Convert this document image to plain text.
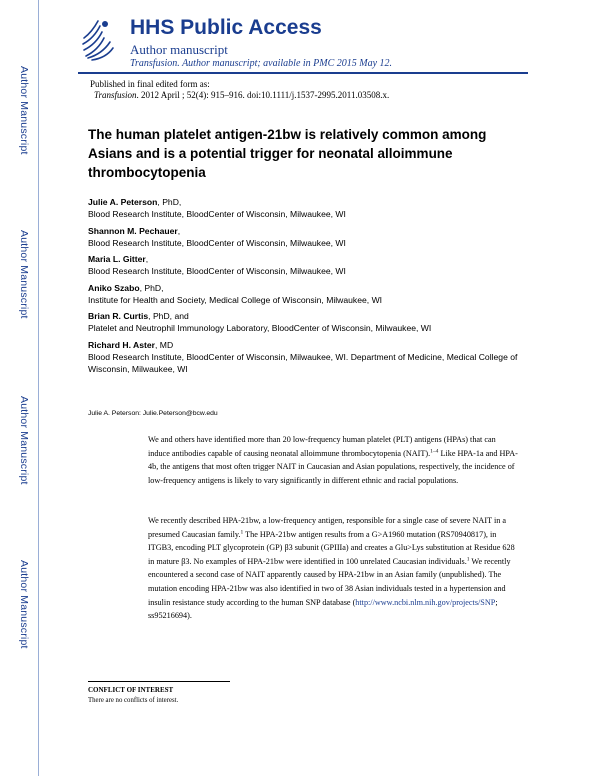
Author Manuscript
Author Manuscript
Author Manuscript
Author Manuscript
HHS Public Access
Author manuscript
Transfusion. Author manuscript; available in PMC 2015 May 12.
Published in final edited form as:
Transfusion. 2012 April ; 52(4): 915–916. doi:10.1111/j.1537-2995.2011.03508.x.
The human platelet antigen-21bw is relatively common among Asians and is a potential trigger for neonatal alloimmune thrombocytopenia
Julie A. Peterson, PhD,
Blood Research Institute, BloodCenter of Wisconsin, Milwaukee, WI
Shannon M. Pechauer,
Blood Research Institute, BloodCenter of Wisconsin, Milwaukee, WI
Maria L. Gitter,
Blood Research Institute, BloodCenter of Wisconsin, Milwaukee, WI
Aniko Szabo, PhD,
Institute for Health and Society, Medical College of Wisconsin, Milwaukee, WI
Brian R. Curtis, PhD, and
Platelet and Neutrophil Immunology Laboratory, BloodCenter of Wisconsin, Milwaukee, WI
Richard H. Aster, MD
Blood Research Institute, BloodCenter of Wisconsin, Milwaukee, WI. Department of Medicine, Medical College of Wisconsin, Milwaukee, WI
Julie A. Peterson: Julie.Peterson@bcw.edu
We and others have identified more than 20 low-frequency human platelet (PLT) antigens (HPAs) that can induce antibodies capable of causing neonatal alloimmune thrombocytopenia (NAIT).$^{1-4}$ Like HPA-1a and HPA-4b, the antigens that most often trigger NAIT in Caucasian and Asian populations, respectively, the incidence of low-frequency antigens is likely to vary significantly in different ethnic and racial populations.
We recently described HPA-21bw, a low-frequency antigen, responsible for a single case of severe NAIT in a presumed Caucasian family.$^1$ The HPA-21bw antigen results from a G>A1960 mutation (RS70940817), in ITGB3, encoding PLT glycoprotein (GP) β3 subunit (GPIIIa) and creates a Glu>Lys substitution at Residue 628 in mature β3. No examples of HPA-21bw were identified in 100 unrelated Caucasian individuals.$^1$ We recently encountered a second case of NAIT apparently caused by HPA-21bw in an Asian family (unpublished). The mutation encoding HPA-21bw was also identified in two of 38 Asian individuals tested in a hypertension and insulin resistance study according to the human SNP database (http://www.ncbi.nlm.nih.gov/projects/SNP; ss95216694).
CONFLICT OF INTEREST
There are no conflicts of interest.
